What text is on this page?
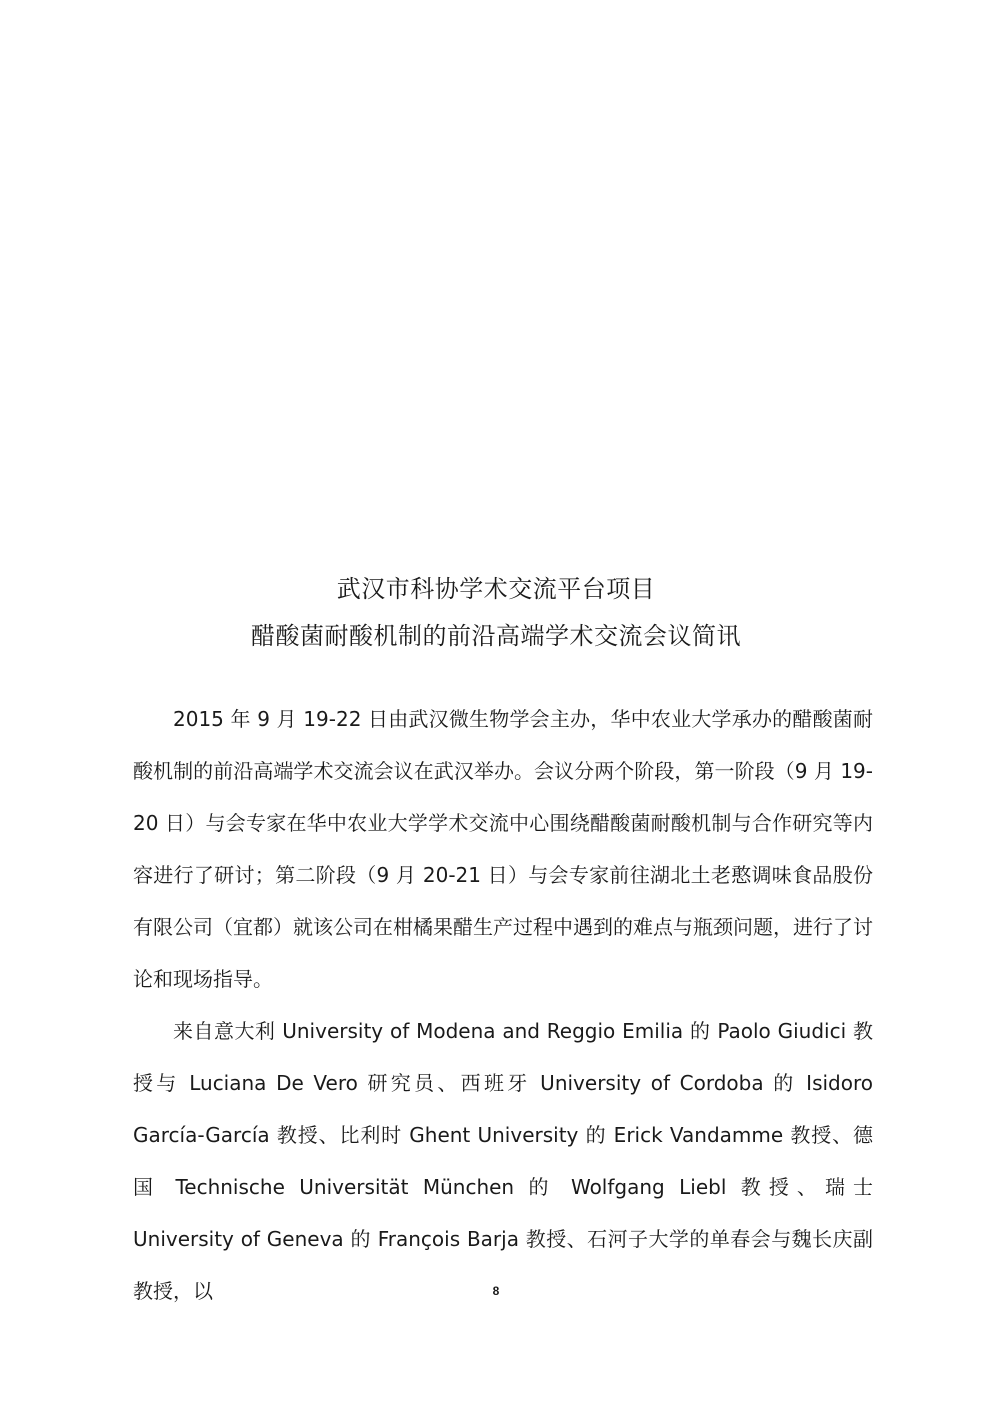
武汉市科协学术交流平台项目
醋酸菌耐酸机制的前沿高端学术交流会议简讯

2015 年 9 月 19-22 日由武汉微生物学会主办，华中农业大学承办的醋酸菌耐酸机制的前沿高端学术交流会议在武汉举办。会议分两个阶段，第一阶段（9 月 19-20 日）与会专家在华中农业大学学术交流中心围绕醋酸菌耐酸机制与合作研究等内容进行了研讨；第二阶段（9 月 20-21 日）与会专家前往湖北土老憨调味食品股份有限公司（宜都）就该公司在柑橘果醋生产过程中遇到的难点与瓶颈问题，进行了讨论和现场指导。

来自意大利 University of Modena and Reggio Emilia 的 Paolo Giudici 教授与 Luciana De Vero 研究员、西班牙 University of Cordoba 的 Isidoro García-García 教授、比利时 Ghent University 的 Erick Vandamme 教授、德国 Technische Universität München 的 Wolfgang Liebl 教授、瑞士 University of Geneva 的 François Barja 教授、石河子大学的单春会与魏长庆副教授，以	8
